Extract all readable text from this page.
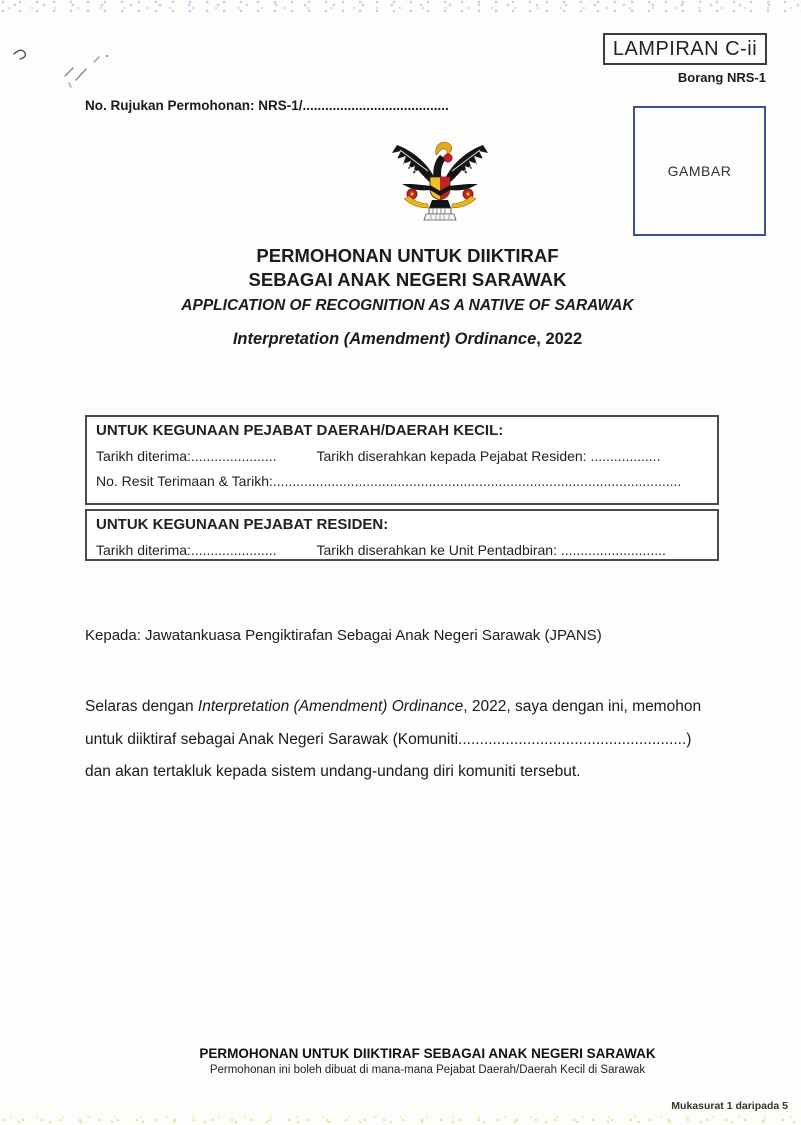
LAMPIRAN C-ii
Borang NRS-1
No. Rujukan Permohonan: NRS-1/.......................................
GAMBAR
PERMOHONAN UNTUK DIIKTIRAF
SEBAGAI ANAK NEGERI SARAWAK
APPLICATION OF RECOGNITION AS A NATIVE OF SARAWAK
Interpretation (Amendment) Ordinance, 2022
UNTUK KEGUNAAN PEJABAT DAERAH/DAERAH KECIL:
Tarikh diterima:......................	Tarikh diserahkan kepada Pejabat Residen: ..................
No. Resit Terimaan & Tarikh:.........................................................................................................
UNTUK KEGUNAAN PEJABAT RESIDEN:
Tarikh diterima:......................	Tarikh diserahkan ke Unit Pentadbiran: ...........................
Kepada: Jawatankuasa Pengiktirafan Sebagai Anak Negeri Sarawak (JPANS)
Selaras dengan Interpretation (Amendment) Ordinance, 2022, saya dengan ini, memohon
untuk diiktiraf sebagai Anak Negeri Sarawak (Komuniti.....................................................)
dan akan tertakluk kepada sistem undang-undang diri komuniti tersebut.
PERMOHONAN UNTUK DIIKTIRAF SEBAGAI ANAK NEGERI SARAWAK
Permohonan ini boleh dibuat di mana-mana Pejabat Daerah/Daerah Kecil di Sarawak
Mukasurat 1 daripada 5
